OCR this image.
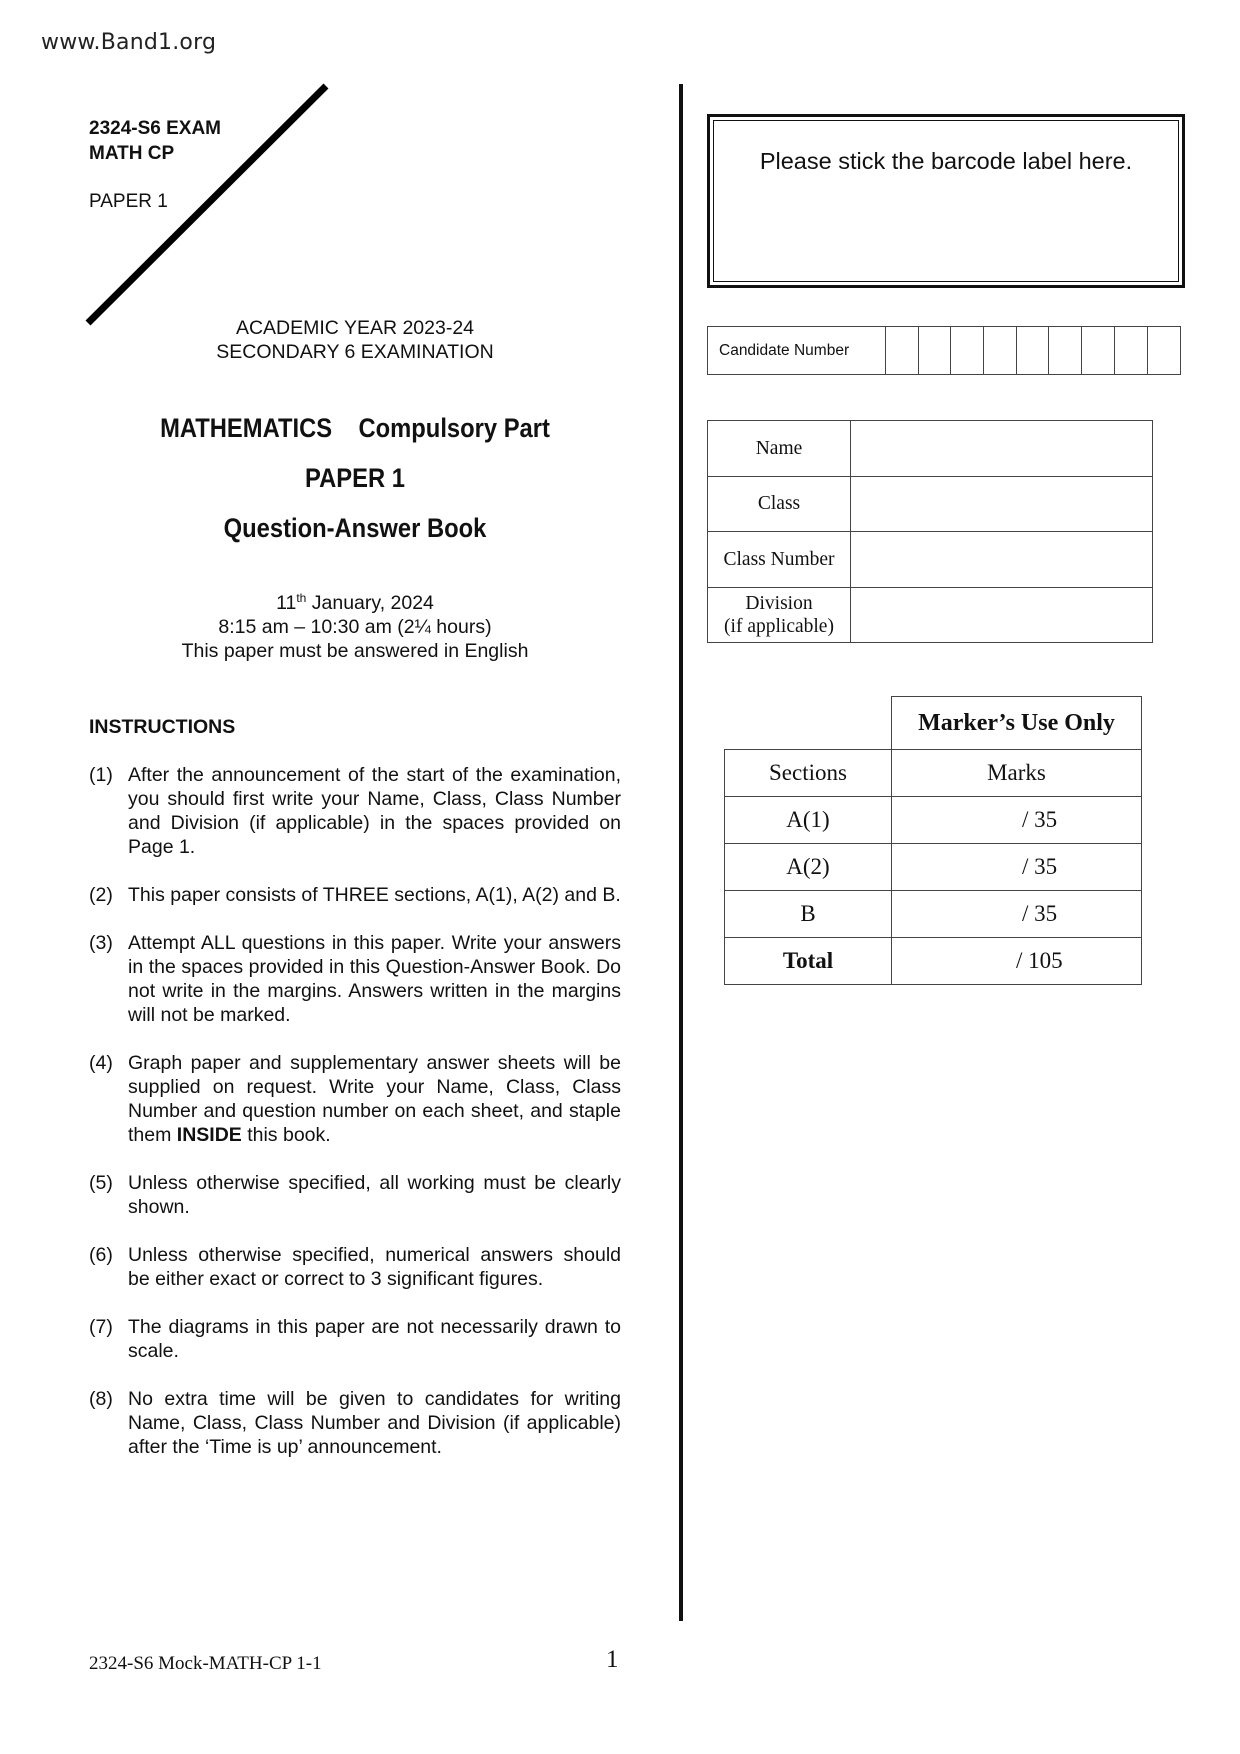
www.Band1.org
2324-S6 EXAM
MATH CP
PAPER 1
ACADEMIC YEAR 2023-24
SECONDARY 6 EXAMINATION
MATHEMATICS Compulsory Part
PAPER 1
Question-Answer Book
11th January, 2024
8:15 am – 10:30 am (2¼ hours)
This paper must be answered in English
INSTRUCTIONS
(1) After the announcement of the start of the examination, you should first write your Name, Class, Class Number and Division (if applicable) in the spaces provided on Page 1.
(2) This paper consists of THREE sections, A(1), A(2) and B.
(3) Attempt ALL questions in this paper. Write your answers in the spaces provided in this Question-Answer Book. Do not write in the margins. Answers written in the margins will not be marked.
(4) Graph paper and supplementary answer sheets will be supplied on request. Write your Name, Class, Class Number and question number on each sheet, and staple them INSIDE this book.
(5) Unless otherwise specified, all working must be clearly shown.
(6) Unless otherwise specified, numerical answers should be either exact or correct to 3 significant figures.
(7) The diagrams in this paper are not necessarily drawn to scale.
(8) No extra time will be given to candidates for writing Name, Class, Class Number and Division (if applicable) after the ‘Time is up’ announcement.
Please stick the barcode label here.
Candidate Number
Name	
Class	
Class Number	

Division
(if applicable)	

	Marker’s Use Only
Sections	Marks
A(1)	/ 35
A(2)	/ 35
B	/ 35
Total	/ 105
2324-S6 Mock-MATH-CP 1-1	1
